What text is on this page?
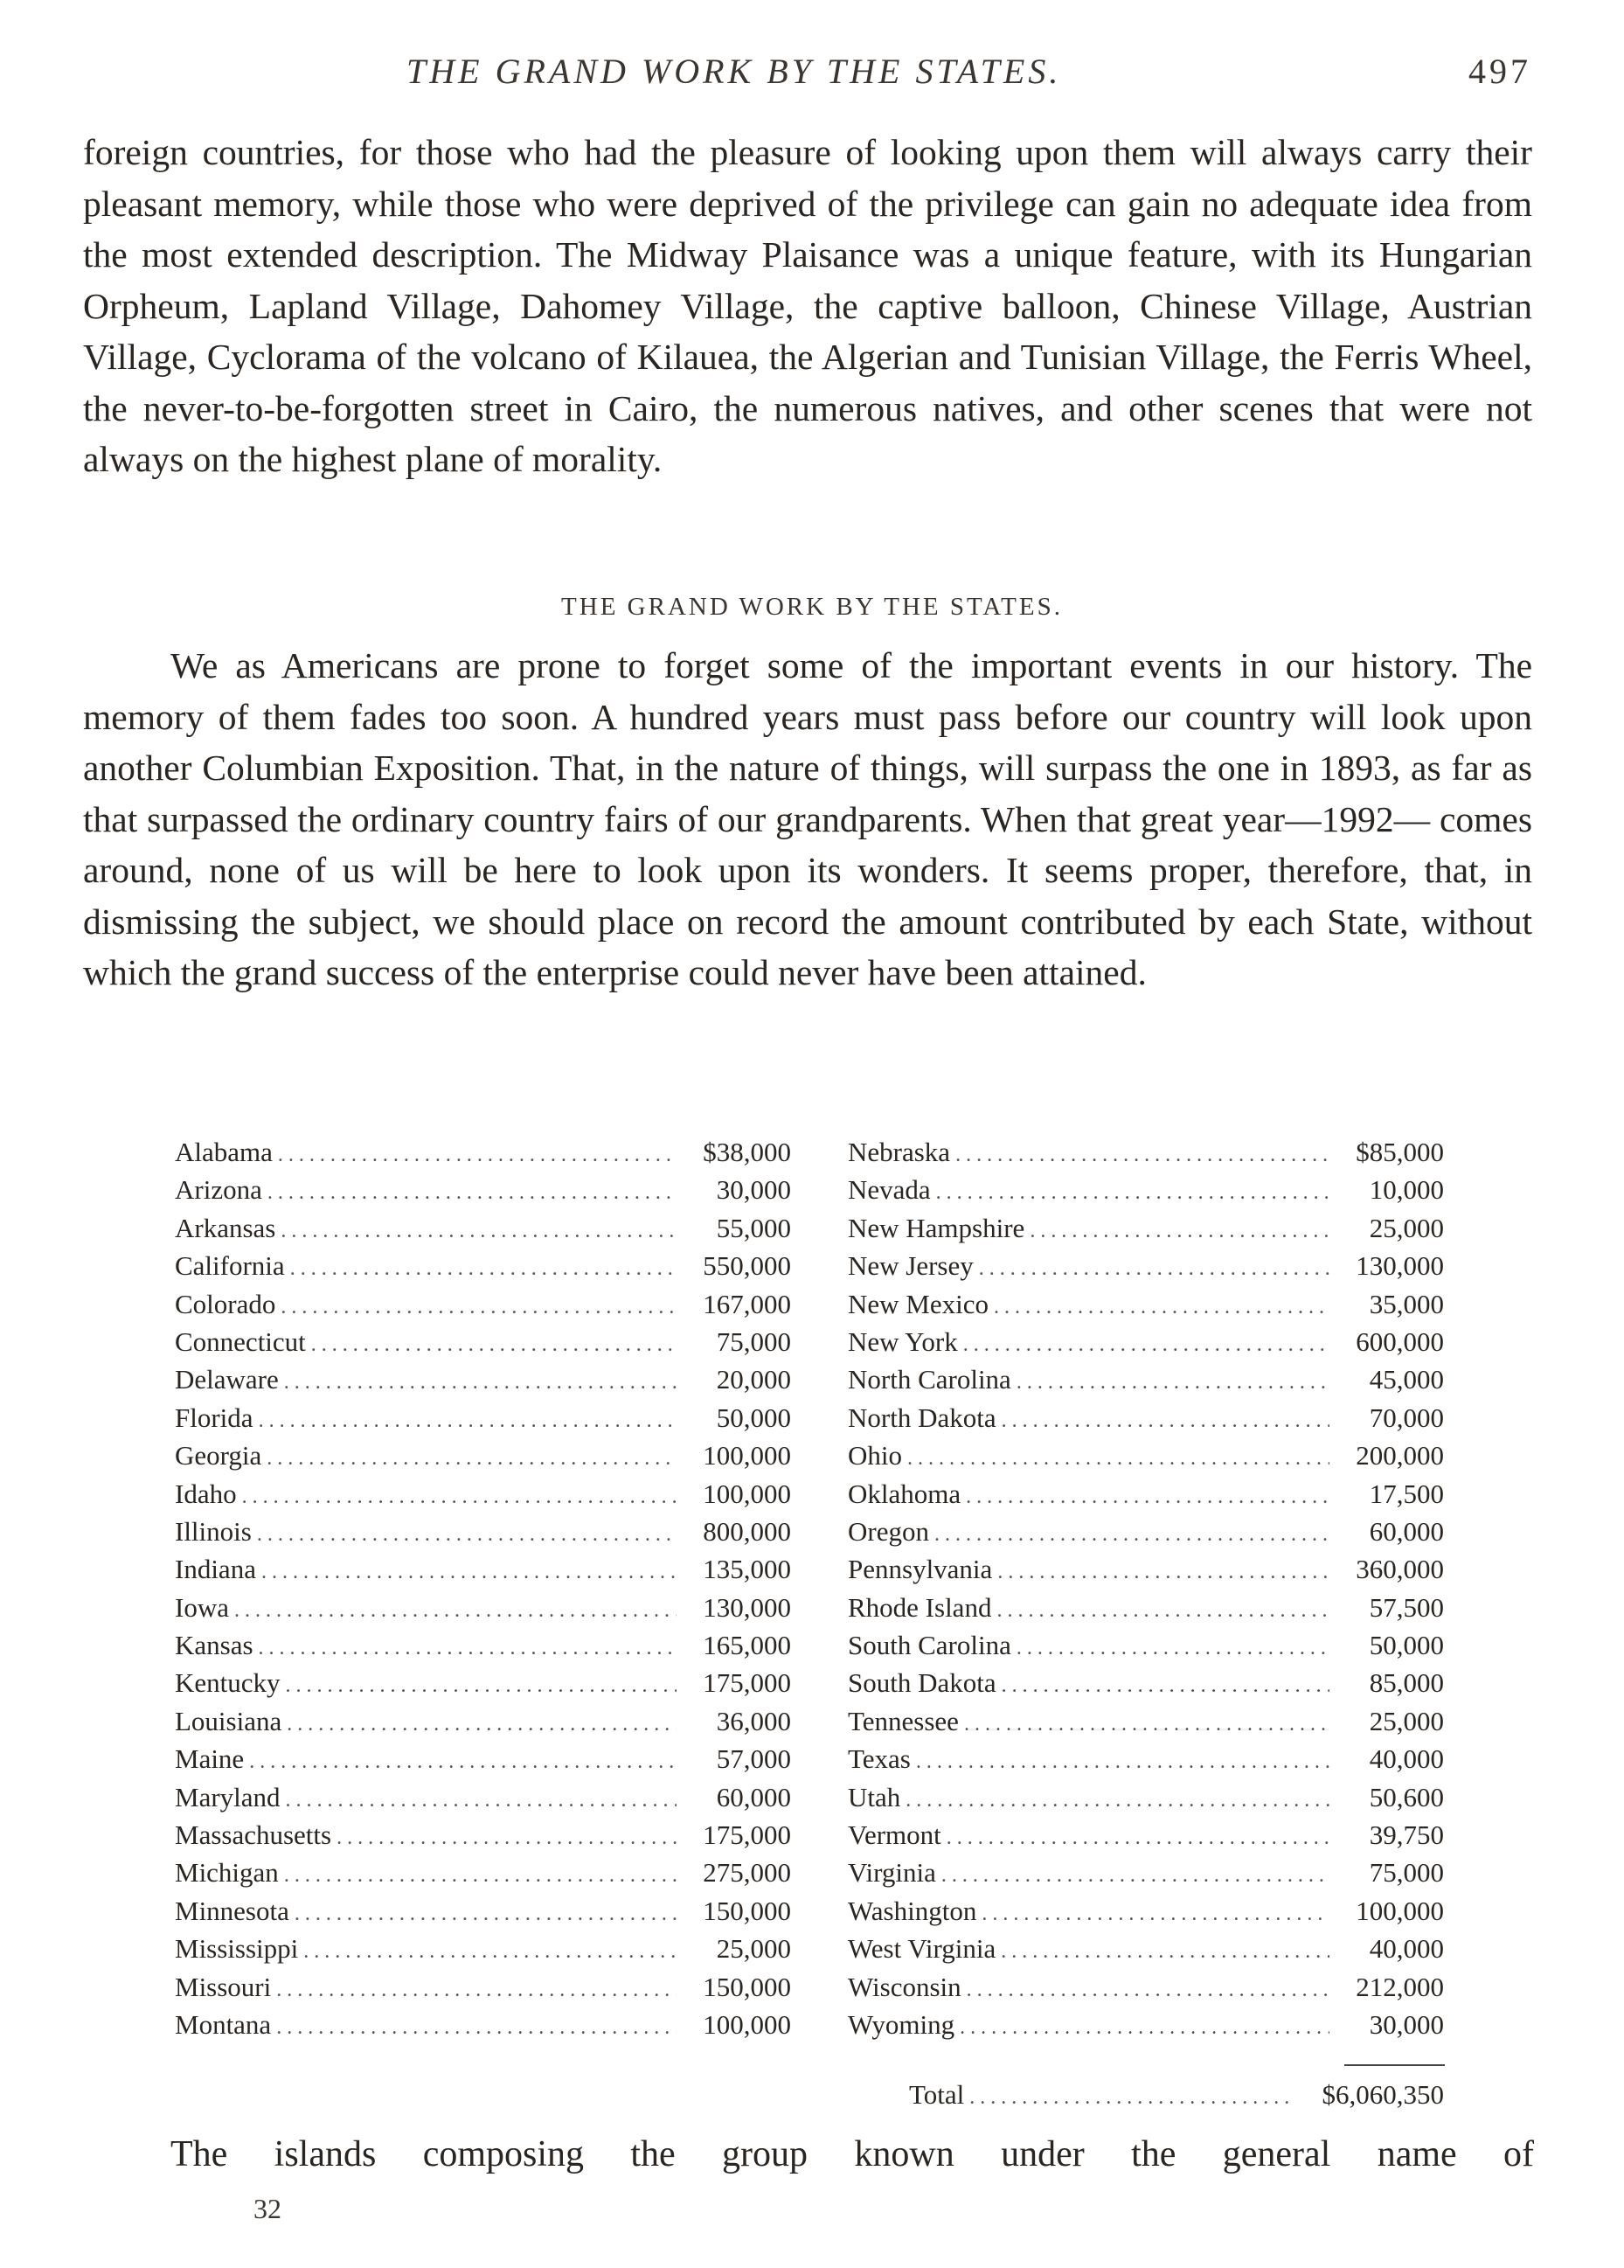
THE GRAND WORK BY THE STATES.	497

foreign countries, for those who had the pleasure of looking upon them will always carry their pleasant memory, while those who were deprived of the privilege can gain no adequate idea from the most extended description. The Midway Plaisance was a unique feature, with its Hungarian Orpheum, Lapland Village, Dahomey Village, the captive balloon, Chinese Village, Austrian Village, Cyclorama of the volcano of Kilauea, the Algerian and Tunisian Village, the Ferris Wheel, the never-to-be-forgotten street in Cairo, the numerous natives, and other scenes that were not always on the highest plane of morality.

THE GRAND WORK BY THE STATES.

We as Americans are prone to forget some of the important events in our history. The memory of them fades too soon. A hundred years must pass before our country will look upon another Columbian Exposition. That, in the nature of things, will surpass the one in 1893, as far as that surpassed the ordinary country fairs of our grandparents. When that great year—1992— comes around, none of us will be here to look upon its wonders. It seems proper, therefore, that, in dismissing the subject, we should place on record the amount contributed by each State, without which the grand success of the enterprise could never have been attained.

Alabama . . .	$38,000
Arizona . . .	30,000
Arkansas . . .	55,000
California . . .	550,000
Colorado . . .	167,000
Connecticut . . .	75,000
Delaware . . .	20,000
Florida . . .	50,000
Georgia . . .	100,000
Idaho . . .	100,000
Illinois . . .	800,000
Indiana . . .	135,000
Iowa . . .	130,000
Kansas . . .	165,000
Kentucky . . .	175,000
Louisiana . . .	36,000
Maine . . .	57,000
Maryland . . .	60,000
Massachusetts . . .	175,000
Michigan . . .	275,000
Minnesota . . .	150,000
Mississippi . . .	25,000
Missouri . . .	150,000
Montana . . .	100,000
Nebraska . . .	$85,000
Nevada . . .	10,000
New Hampshire . . .	25,000
New Jersey . . .	130,000
New Mexico . . .	35,000
New York . . .	600,000
North Carolina . . .	45,000
North Dakota . . .	70,000
Ohio . . .	200,000
Oklahoma . . .	17,500
Oregon . . .	60,000
Pennsylvania . . .	360,000
Rhode Island . . .	57,500
South Carolina . . .	50,000
South Dakota . . .	85,000
Tennessee . . .	25,000
Texas . . .	40,000
Utah . . .	50,600
Vermont . . .	39,750
Virginia . . .	75,000
Washington . . .	100,000
West Virginia . . .	40,000
Wisconsin . . .	212,000
Wyoming . . .	30,000
Total . . .	$6,060,350
The islands composing the group known under the general name of
32
